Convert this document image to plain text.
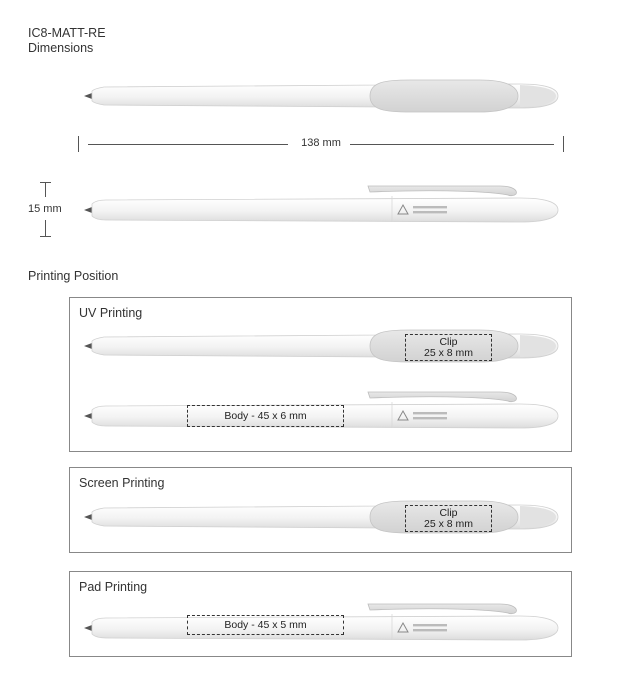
IC8-MATT-RE
Dimensions
138 mm
15 mm
Printing Position
UV Printing
Clip
25 x 8 mm
Body - 45 x 6 mm
Screen Printing
Clip
25 x 8 mm
Pad Printing
Body - 45 x 5 mm
